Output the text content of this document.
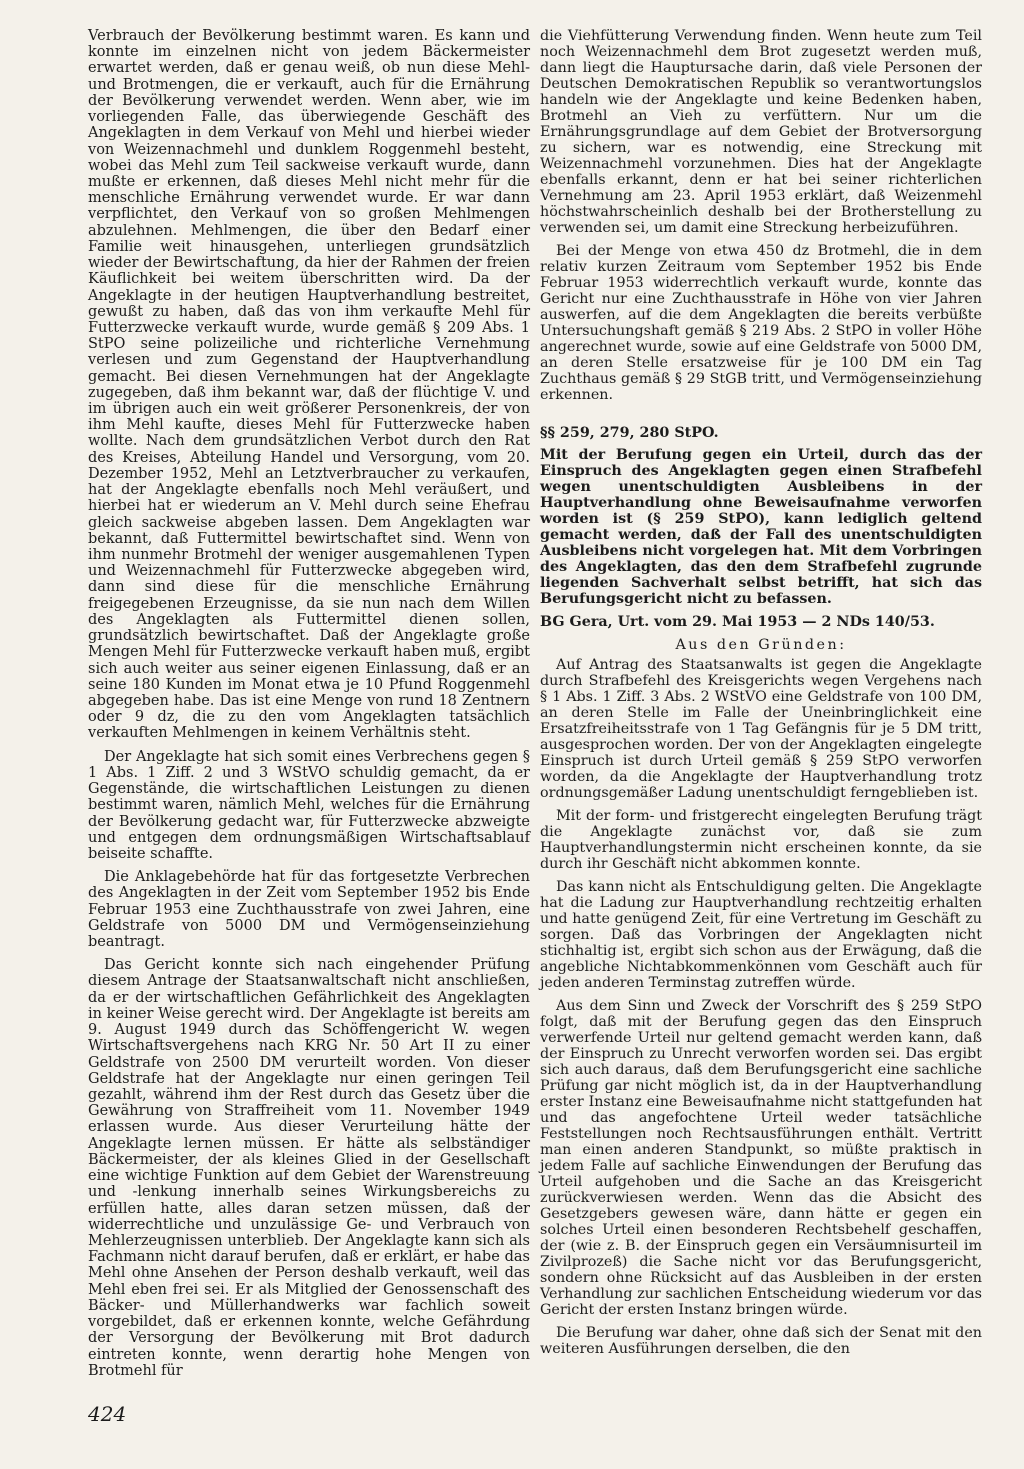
Verbrauch der Bevölkerung bestimmt waren. Es kann und konnte im einzelnen nicht von jedem Bäckermeister erwartet werden, daß er genau weiß, ob nun diese Mehl- und Brotmengen, die er verkauft, auch für die Ernährung der Bevölkerung verwendet werden. Wenn aber, wie im vorliegenden Falle, das überwiegende Geschäft des Angeklagten in dem Verkauf von Mehl und hierbei wieder von Weizennachmehl und dunklem Roggenmehl besteht, wobei das Mehl zum Teil sackweise verkauft wurde, dann mußte er erkennen, daß dieses Mehl nicht mehr für die menschliche Ernährung verwendet wurde. Er war dann verpflichtet, den Verkauf von so großen Mehlmengen abzulehnen. Mehlmengen, die über den Bedarf einer Familie weit hinausgehen, unterliegen grundsätzlich wieder der Bewirtschaftung, da hier der Rahmen der freien Käuflichkeit bei weitem überschritten wird. Da der Angeklagte in der heutigen Hauptverhandlung bestreitet, gewußt zu haben, daß das von ihm verkaufte Mehl für Futterzwecke verkauft wurde, wurde gemäß § 209 Abs. 1 StPO seine polizeiliche und richterliche Vernehmung verlesen und zum Gegenstand der Hauptverhandlung gemacht. Bei diesen Vernehmungen hat der Angeklagte zugegeben, daß ihm bekannt war, daß der flüchtige V. und im übrigen auch ein weit größerer Personenkreis, der von ihm Mehl kaufte, dieses Mehl für Futterzwecke haben wollte. Nach dem grundsätzlichen Verbot durch den Rat des Kreises, Abteilung Handel und Versorgung, vom 20. Dezember 1952, Mehl an Letztverbraucher zu verkaufen, hat der Angeklagte ebenfalls noch Mehl veräußert, und hierbei hat er wiederum an V. Mehl durch seine Ehefrau gleich sackweise abgeben lassen. Dem Angeklagten war bekannt, daß Futtermittel bewirtschaftet sind. Wenn von ihm nunmehr Brotmehl der weniger ausgemahlenen Typen und Weizennachmehl für Futterzwecke abgegeben wird, dann sind diese für die menschliche Ernährung freigegebenen Erzeugnisse, da sie nun nach dem Willen des Angeklagten als Futtermittel dienen sollen, grundsätzlich bewirtschaftet. Daß der Angeklagte große Mengen Mehl für Futterzwecke verkauft haben muß, ergibt sich auch weiter aus seiner eigenen Einlassung, daß er an seine 180 Kunden im Monat etwa je 10 Pfund Roggenmehl abgegeben habe. Das ist eine Menge von rund 18 Zentnern oder 9 dz, die zu den vom Angeklagten tatsächlich verkauften Mehlmengen in keinem Verhältnis steht.

Der Angeklagte hat sich somit eines Verbrechens gegen § 1 Abs. 1 Ziff. 2 und 3 WStVO schuldig gemacht, da er Gegenstände, die wirtschaftlichen Leistungen zu dienen bestimmt waren, nämlich Mehl, welches für die Ernährung der Bevölkerung gedacht war, für Futterzwecke abzweigte und entgegen dem ordnungsmäßigen Wirtschaftsablauf beiseite schaffte.

Die Anklagebehörde hat für das fortgesetzte Verbrechen des Angeklagten in der Zeit vom September 1952 bis Ende Februar 1953 eine Zuchthausstrafe von zwei Jahren, eine Geldstrafe von 5000 DM und Vermögenseinziehung beantragt.

Das Gericht konnte sich nach eingehender Prüfung diesem Antrage der Staatsanwaltschaft nicht anschließen, da er der wirtschaftlichen Gefährlichkeit des Angeklagten in keiner Weise gerecht wird. Der Angeklagte ist bereits am 9. August 1949 durch das Schöffengericht W. wegen Wirtschaftsvergehens nach KRG Nr. 50 Art II zu einer Geldstrafe von 2500 DM verurteilt worden. Von dieser Geldstrafe hat der Angeklagte nur einen geringen Teil gezahlt, während ihm der Rest durch das Gesetz über die Gewährung von Straffreiheit vom 11. November 1949 erlassen wurde. Aus dieser Verurteilung hätte der Angeklagte lernen müssen. Er hätte als selbständiger Bäckermeister, der als kleines Glied in der Gesellschaft eine wichtige Funktion auf dem Gebiet der Warenstreuung und -lenkung innerhalb seines Wirkungsbereichs zu erfüllen hatte, alles daran setzen müssen, daß der widerrechtliche und unzulässige Ge- und Verbrauch von Mehlerzeugnissen unterblieb. Der Angeklagte kann sich als Fachmann nicht darauf berufen, daß er erklärt, er habe das Mehl ohne Ansehen der Person deshalb verkauft, weil das Mehl eben frei sei. Er als Mitglied der Genossenschaft des Bäcker- und Müllerhandwerks war fachlich soweit vorgebildet, daß er erkennen konnte, welche Gefährdung der Versorgung der Bevölkerung mit Brot dadurch eintreten konnte, wenn derartig hohe Mengen von Brotmehl für

die Viehfütterung Verwendung finden. Wenn heute zum Teil noch Weizennachmehl dem Brot zugesetzt werden muß, dann liegt die Hauptursache darin, daß viele Personen der Deutschen Demokratischen Republik so verantwortungslos handeln wie der Angeklagte und keine Bedenken haben, Brotmehl an Vieh zu verfüttern. Nur um die Ernährungsgrundlage auf dem Gebiet der Brotversorgung zu sichern, war es notwendig, eine Streckung mit Weizennachmehl vorzunehmen. Dies hat der Angeklagte ebenfalls erkannt, denn er hat bei seiner richterlichen Vernehmung am 23. April 1953 erklärt, daß Weizenmehl höchstwahrscheinlich deshalb bei der Brotherstellung zu verwenden sei, um damit eine Streckung herbeizuführen.

Bei der Menge von etwa 450 dz Brotmehl, die in dem relativ kurzen Zeitraum vom September 1952 bis Ende Februar 1953 widerrechtlich verkauft wurde, konnte das Gericht nur eine Zuchthausstrafe in Höhe von vier Jahren auswerfen, auf die dem Angeklagten die bereits verbüßte Untersuchungshaft gemäß § 219 Abs. 2 StPO in voller Höhe angerechnet wurde, sowie auf eine Geldstrafe von 5000 DM, an deren Stelle ersatzweise für je 100 DM ein Tag Zuchthaus gemäß § 29 StGB tritt, und Vermögenseinziehung erkennen.

§§ 259, 279, 280 StPO.

Mit der Berufung gegen ein Urteil, durch das der Einspruch des Angeklagten gegen einen Strafbefehl wegen unentschuldigten Ausbleibens in der Hauptverhandlung ohne Beweisaufnahme verworfen worden ist (§ 259 StPO), kann lediglich geltend gemacht werden, daß der Fall des unentschuldigten Ausbleibens nicht vorgelegen hat. Mit dem Vorbringen des Angeklagten, das den dem Strafbefehl zugrunde liegenden Sachverhalt selbst betrifft, hat sich das Berufungsgericht nicht zu befassen.

BG Gera, Urt. vom 29. Mai 1953 — 2 NDs 140/53.

Aus den Gründen:

Auf Antrag des Staatsanwalts ist gegen die Angeklagte durch Strafbefehl des Kreisgerichts wegen Vergehens nach § 1 Abs. 1 Ziff. 3 Abs. 2 WStVO eine Geldstrafe von 100 DM, an deren Stelle im Falle der Uneinbringlichkeit eine Ersatzfreiheitsstrafe von 1 Tag Gefängnis für je 5 DM tritt, ausgesprochen worden. Der von der Angeklagten eingelegte Einspruch ist durch Urteil gemäß § 259 StPO verworfen worden, da die Angeklagte der Hauptverhandlung trotz ordnungsgemäßer Ladung unentschuldigt ferngeblieben ist.

Mit der form- und fristgerecht eingelegten Berufung trägt die Angeklagte zunächst vor, daß sie zum Hauptverhandlungstermin nicht erscheinen konnte, da sie durch ihr Geschäft nicht abkommen konnte.

Das kann nicht als Entschuldigung gelten. Die Angeklagte hat die Ladung zur Hauptverhandlung rechtzeitig erhalten und hatte genügend Zeit, für eine Vertretung im Geschäft zu sorgen. Daß das Vorbringen der Angeklagten nicht stichhaltig ist, ergibt sich schon aus der Erwägung, daß die angebliche Nichtabkommenkönnen vom Geschäft auch für jeden anderen Terminstag zutreffen würde.

Aus dem Sinn und Zweck der Vorschrift des § 259 StPO folgt, daß mit der Berufung gegen das den Einspruch verwerfende Urteil nur geltend gemacht werden kann, daß der Einspruch zu Unrecht verworfen worden sei. Das ergibt sich auch daraus, daß dem Berufungsgericht eine sachliche Prüfung gar nicht möglich ist, da in der Hauptverhandlung erster Instanz eine Beweisaufnahme nicht stattgefunden hat und das angefochtene Urteil weder tatsächliche Feststellungen noch Rechtsausführungen enthält. Vertritt man einen anderen Standpunkt, so müßte praktisch in jedem Falle auf sachliche Einwendungen der Berufung das Urteil aufgehoben und die Sache an das Kreisgericht zurückverwiesen werden. Wenn das die Absicht des Gesetzgebers gewesen wäre, dann hätte er gegen ein solches Urteil einen besonderen Rechtsbehelf geschaffen, der (wie z. B. der Einspruch gegen ein Versäumnisurteil im Zivilprozeß) die Sache nicht vor das Berufungsgericht, sondern ohne Rücksicht auf das Ausbleiben in der ersten Verhandlung zur sachlichen Entscheidung wiederum vor das Gericht der ersten Instanz bringen würde.

Die Berufung war daher, ohne daß sich der Senat mit den weiteren Ausführungen derselben, die den

424
